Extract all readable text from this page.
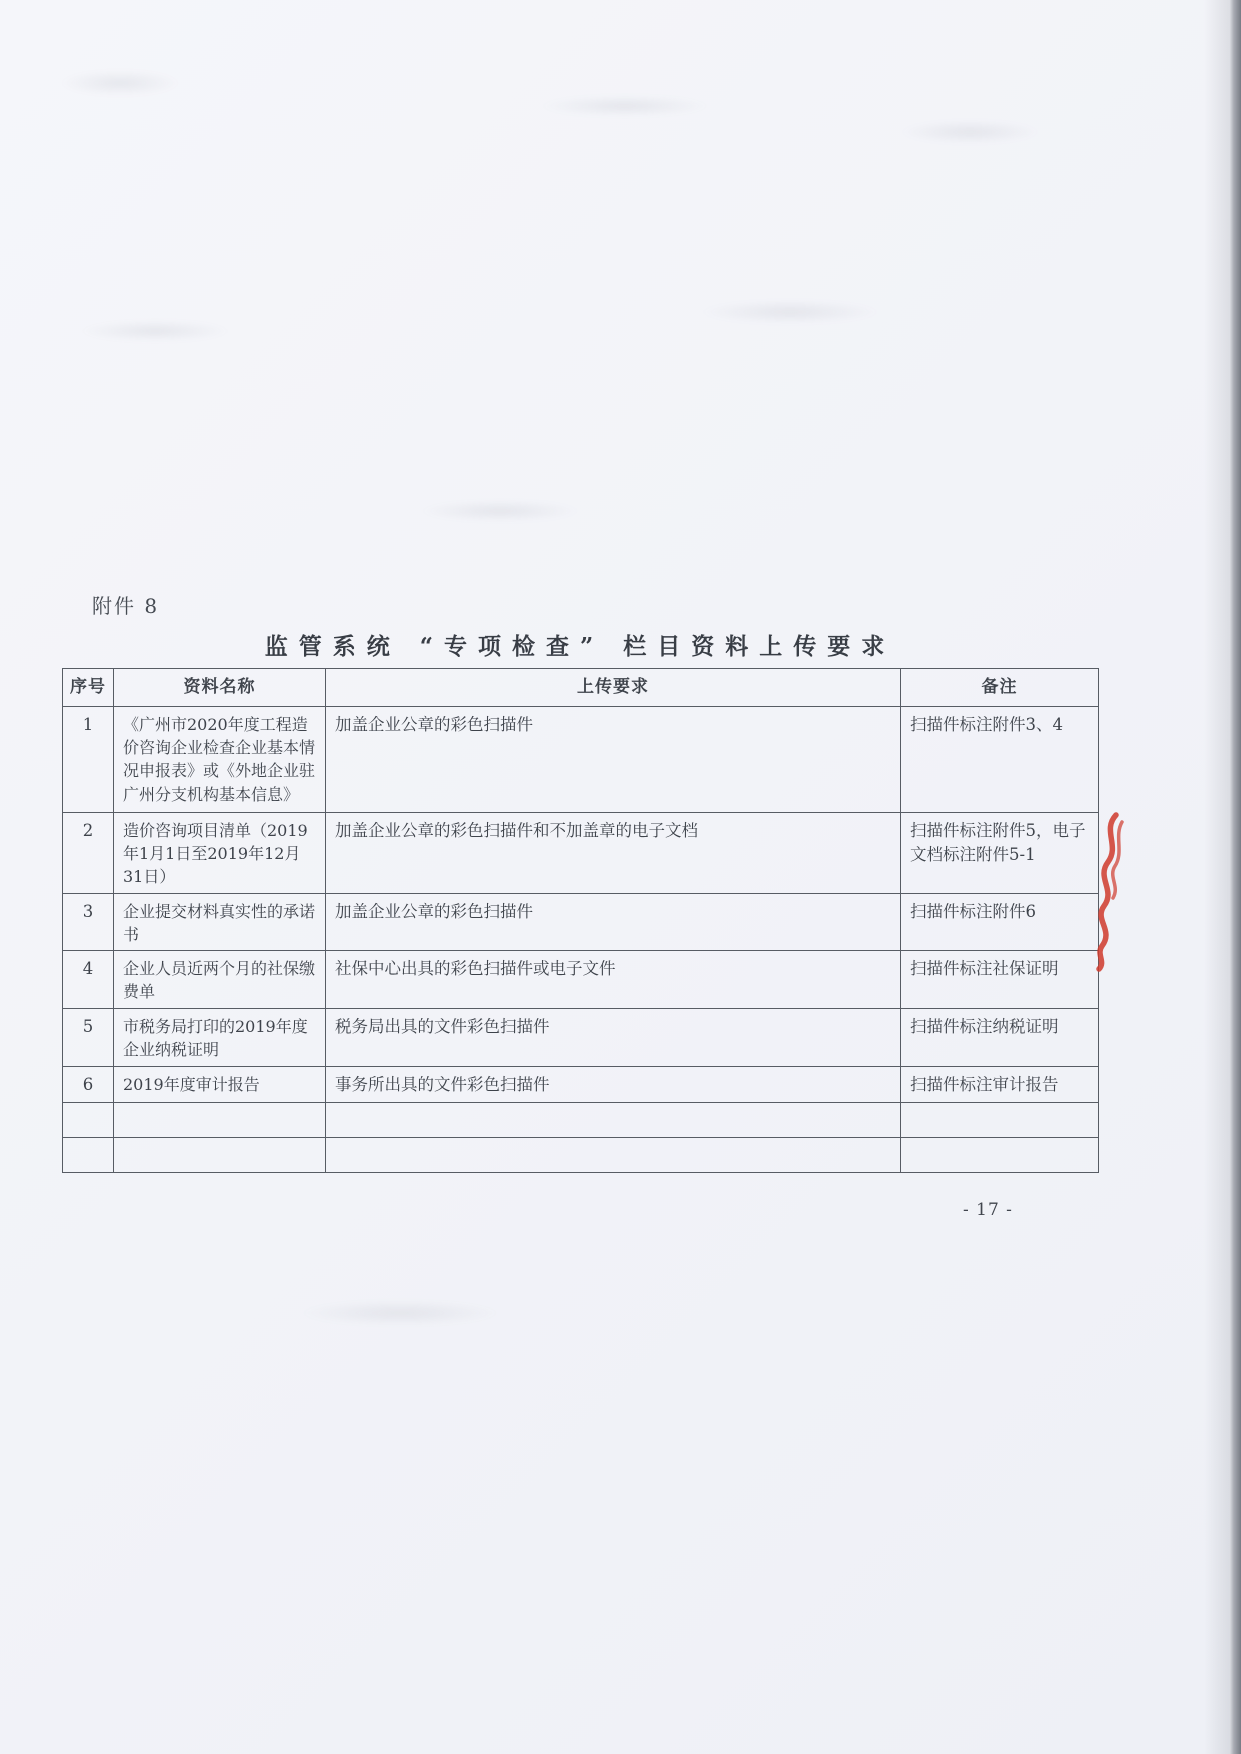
附件 8
监管系统 “专项检查” 栏目资料上传要求
序号	资料名称	上传要求	备注
1	《广州市2020年度工程造价咨询企业检查企业基本情况申报表》或《外地企业驻广州分支机构基本信息》	加盖企业公章的彩色扫描件	扫描件标注附件3、4
2	造价咨询项目清单（2019年1月1日至2019年12月31日）	加盖企业公章的彩色扫描件和不加盖章的电子文档	扫描件标注附件5，电子文档标注附件5-1
3	企业提交材料真实性的承诺书	加盖企业公章的彩色扫描件	扫描件标注附件6
4	企业人员近两个月的社保缴费单	社保中心出具的彩色扫描件或电子文件	扫描件标注社保证明
5	市税务局打印的2019年度企业纳税证明	税务局出具的文件彩色扫描件	扫描件标注纳税证明
6	2019年度审计报告	事务所出具的文件彩色扫描件	扫描件标注审计报告

- 17 -
